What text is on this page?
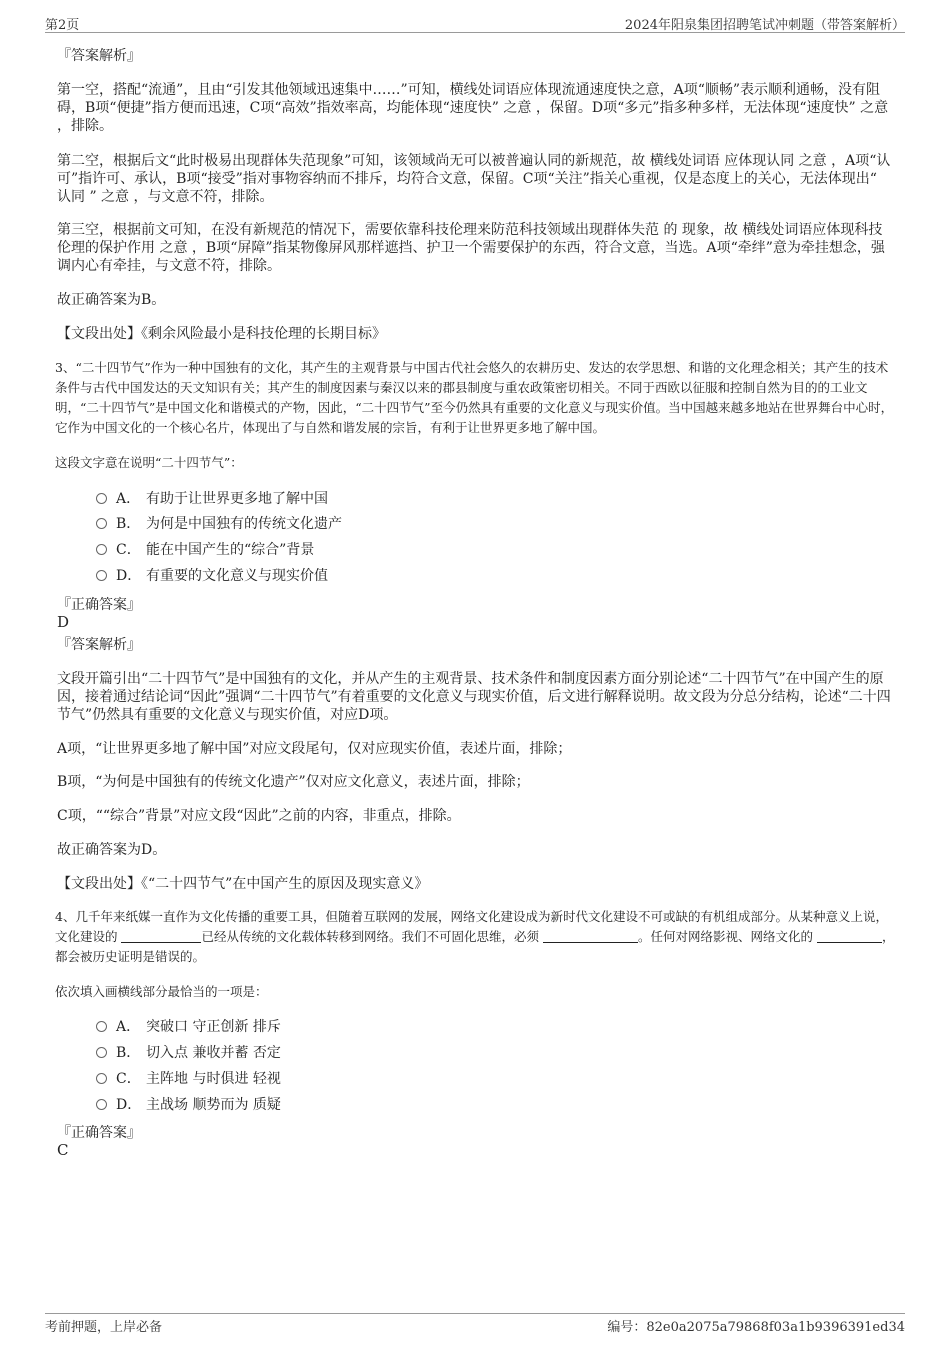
第2页	2024年阳泉集团招聘笔试冲刺题（带答案解析）
『答案解析』

第一空，搭配“流通”，且由“引发其他领域迅速集中……”可知，横线处词语应体现流通速度快之意，A项“顺畅”表示顺利通畅，没有阻碍，B项“便捷”指方便而迅速，C项“高效”指效率高，均能体现“速度快” 之意 ，保留。D项“多元”指多种多样，无法体现“速度快” 之意 ，排除。

第二空，根据后文“此时极易出现群体失范现象”可知，该领域尚无可以被普遍认同的新规范，故 横线处词语 应体现认同 之意 ，A项“认可”指许可、承认，B项“接受”指对事物容纳而不排斥，均符合文意，保留。C项“关注”指关心重视，仅是态度上的关心，无法体现出“ 认同 ” 之意 ，与文意不符，排除。

第三空，根据前文可知，在没有新规范的情况下，需要依靠科技伦理来防范科技领域出现群体失范 的 现象，故 横线处词语应体现科技伦理的保护作用 之意 ，B项“屏障”指某物像屏风那样遮挡、护卫一个需要保护的东西，符合文意，当选。A项“牵绊”意为牵挂想念，强调内心有牵挂，与文意不符，排除。

故正确答案为B。

【文段出处】《剩余风险最小是科技伦理的长期目标》

3、“二十四节气”作为一种中国独有的文化，其产生的主观背景与中国古代社会悠久的农耕历史、发达的农学思想、和谐的文化理念相关；其产生的技术条件与古代中国发达的天文知识有关；其产生的制度因素与秦汉以来的郡县制度与重农政策密切相关。不同于西欧以征服和控制自然为目的的工业文明，“二十四节气”是中国文化和谐模式的产物，因此，“二十四节气”至今仍然具有重要的文化意义与现实价值。当中国越来越多地站在世界舞台中心时，它作为中国文化的一个核心名片，体现出了与自然和谐发展的宗旨，有利于让世界更多地了解中国。

这段文字意在说明“二十四节气”：

A． 有助于让世界更多地了解中国
B． 为何是中国独有的传统文化遗产
C． 能在中国产生的“综合”背景
D． 有重要的文化意义与现实价值
『正确答案』
D
『答案解析』

文段开篇引出“二十四节气”是中国独有的文化，并从产生的主观背景、技术条件和制度因素方面分别论述“二十四节气”在中国产生的原因，接着通过结论词“因此”强调“二十四节气”有着重要的文化意义与现实价值，后文进行解释说明。故文段为分总分结构，论述“二十四节气”仍然具有重要的文化意义与现实价值，对应D项。

A项，“让世界更多地了解中国”对应文段尾句，仅对应现实价值，表述片面，排除；

B项，“为何是中国独有的传统文化遗产”仅对应文化意义，表述片面，排除；

C项，““综合”背景”对应文段“因此”之前的内容，非重点，排除。

故正确答案为D。

【文段出处】《“二十四节气”在中国产生的原因及现实意义》

4、几千年来纸媒一直作为文化传播的重要工具，但随着互联网的发展，网络文化建设成为新时代文化建设不可或缺的有机组成部分。从某种意义上说，文化建设的	已经从传统的文化载体转移到网络。我们不可固化思维，必须	。任何对网络影视、网络文化的	，都会被历史证明是错误的。

依次填入画横线部分最恰当的一项是：

A． 突破口 守正创新 排斥
B． 切入点 兼收并蓄 否定
C． 主阵地 与时俱进 轻视
D． 主战场 顺势而为 质疑
『正确答案』
C
考前押题，上岸必备	编号：82e0a2075a79868f03a1b9396391ed34
